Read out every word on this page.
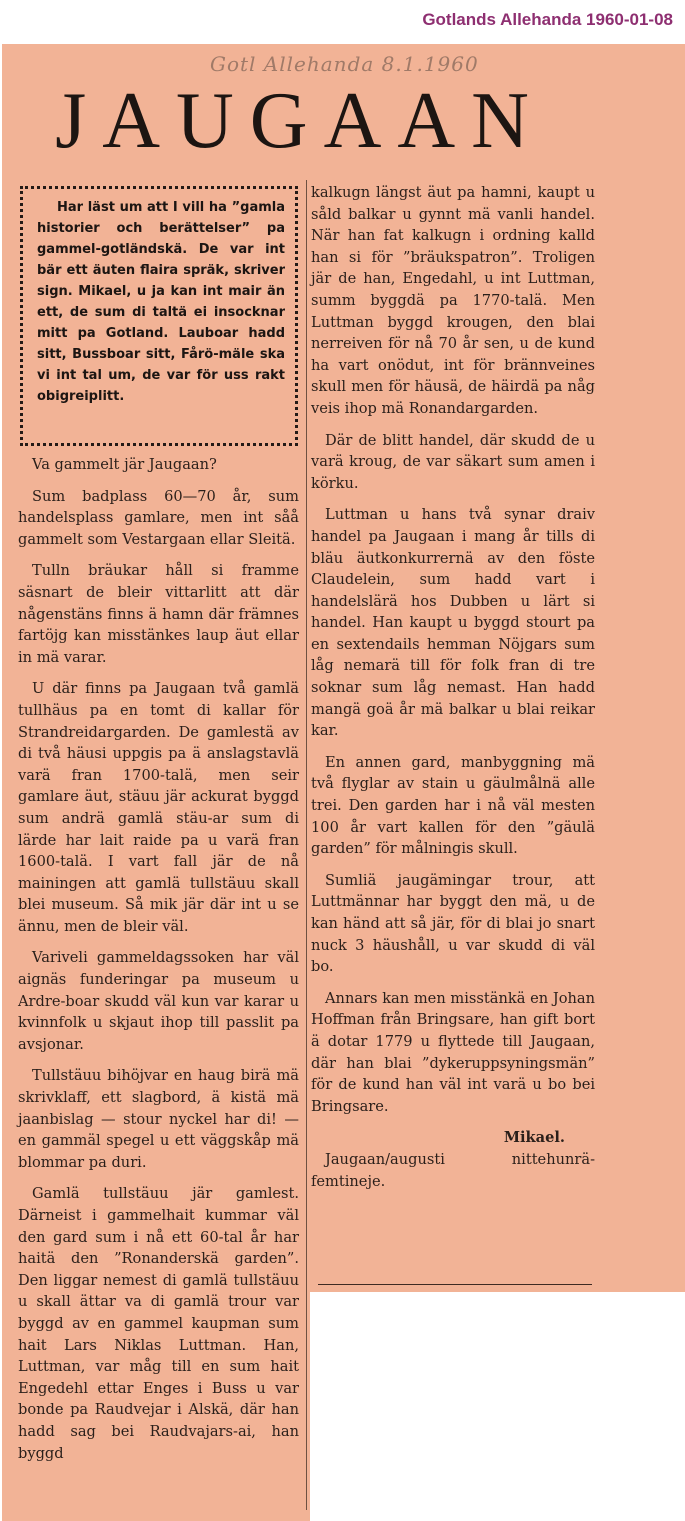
Gotlands Allehanda 1960-01-08

Gotl Allehanda 8.1.1960

JAUGAAN

Har läst um att I vill ha ”gamla historier och berättelser” pa gammel-gotländskä. De var int bär ett äuten flaira spräk, skriver sign. Mikael, u ja kan int mair än ett, de sum di taltä ei insocknar mitt pa Gotland. Lauboar hadd sitt, Bussboar sitt, Fårö-mäle ska vi int tal um, de var för uss rakt obigreiplitt.

Va gammelt jär Jaugaan?

Sum badplass 60—70 år, sum handelsplass gamlare, men int såå gammelt som Vestargaan ellar Sleitä.

Tulln bräukar håll si framme säsnart de bleir vittarlitt att där någenstäns finns ä hamn där främnes fartöjg kan misstänkes laup äut ellar in mä varar.

U där finns pa Jaugaan två gamlä tullhäus pa en tomt di kallar för Strandreidargarden. De gamlestä av di två häusi uppgis pa ä anslagstavlä varä fran 1700-talä, men seir gamlare äut, stäuu jär ackurat byggd sum andrä gamlä stäu-ar sum di lärde har lait raide pa u varä fran 1600-talä. I vart fall jär de nå mainingen att gamlä tullstäuu skall blei museum. Så mik jär där int u se ännu, men de bleir väl.

Variveli gammeldagssoken har väl aignäs funderingar pa museum u Ardre-boar skudd väl kun var karar u kvinnfolk u skjaut ihop till passlit pa avsjonar.

Tullstäuu bihöjvar en haug birä mä skrivklaff, ett slagbord, ä kistä mä jaanbislag — stour nyckel har di! — en gammäl spegel u ett väggskåp mä blommar pa duri.

Gamlä tullstäuu jär gamlest. Därneist i gammelhait kummar väl den gard sum i nå ett 60-tal år har haitä den ”Ronanderskä garden”. Den liggar nemest di gamlä tullstäuu u skall ättar va di gamlä trour var byggd av en gammel kaupman sum hait Lars Niklas Luttman. Han, Luttman, var måg till en sum hait Engedehl ettar Enges i Buss u var bonde pa Raudvejar i Alskä, där han hadd sag bei Raudvajars-ai, han byggd

kalkugn längst äut pa hamni, kaupt u såld balkar u gynnt mä vanli handel. När han fat kalkugn i ordning kalld han si för ”bräukspatron”. Troligen jär de han, Engedahl, u int Luttman, summ byggdä pa 1770-talä. Men Luttman byggd krougen, den blai nerreiven för nå 70 år sen, u de kund ha vart onödut, int för brännveines skull men för häusä, de häirdä pa någ veis ihop mä Ronandargarden.

Där de blitt handel, där skudd de u varä kroug, de var säkart sum amen i körku.

Luttman u hans två synar draiv handel pa Jaugaan i mang år tills di bläu äutkonkurrernä av den föste Claudelein, sum hadd vart i handelslärä hos Dubben u lärt si handel. Han kaupt u byggd stourt pa en sextendails hemman Nöjgars sum låg nemarä till för folk fran di tre soknar sum låg nemast. Han hadd mangä goä år mä balkar u blai reikar kar.

En annen gard, manbyggning mä två flyglar av stain u gäulmålnä alle trei. Den garden har i nå väl mesten 100 år vart kallen för den ”gäulä garden” för målningis skull.

Sumliä jaugämingar trour, att Luttmännar har byggt den mä, u de kan händ att så jär, för di blai jo snart nuck 3 häushåll, u var skudd di väl bo.

Annars kan men misstänkä en Johan Hoffman från Bringsare, han gift bort ä dotar 1779 u flyttede till Jaugaan, där han blai ”dykeruppsyningsmän” för de kund han väl int varä u bo bei Bringsare.

Mikael.

Jaugaan/augusti nittehunrä-femtineje.
